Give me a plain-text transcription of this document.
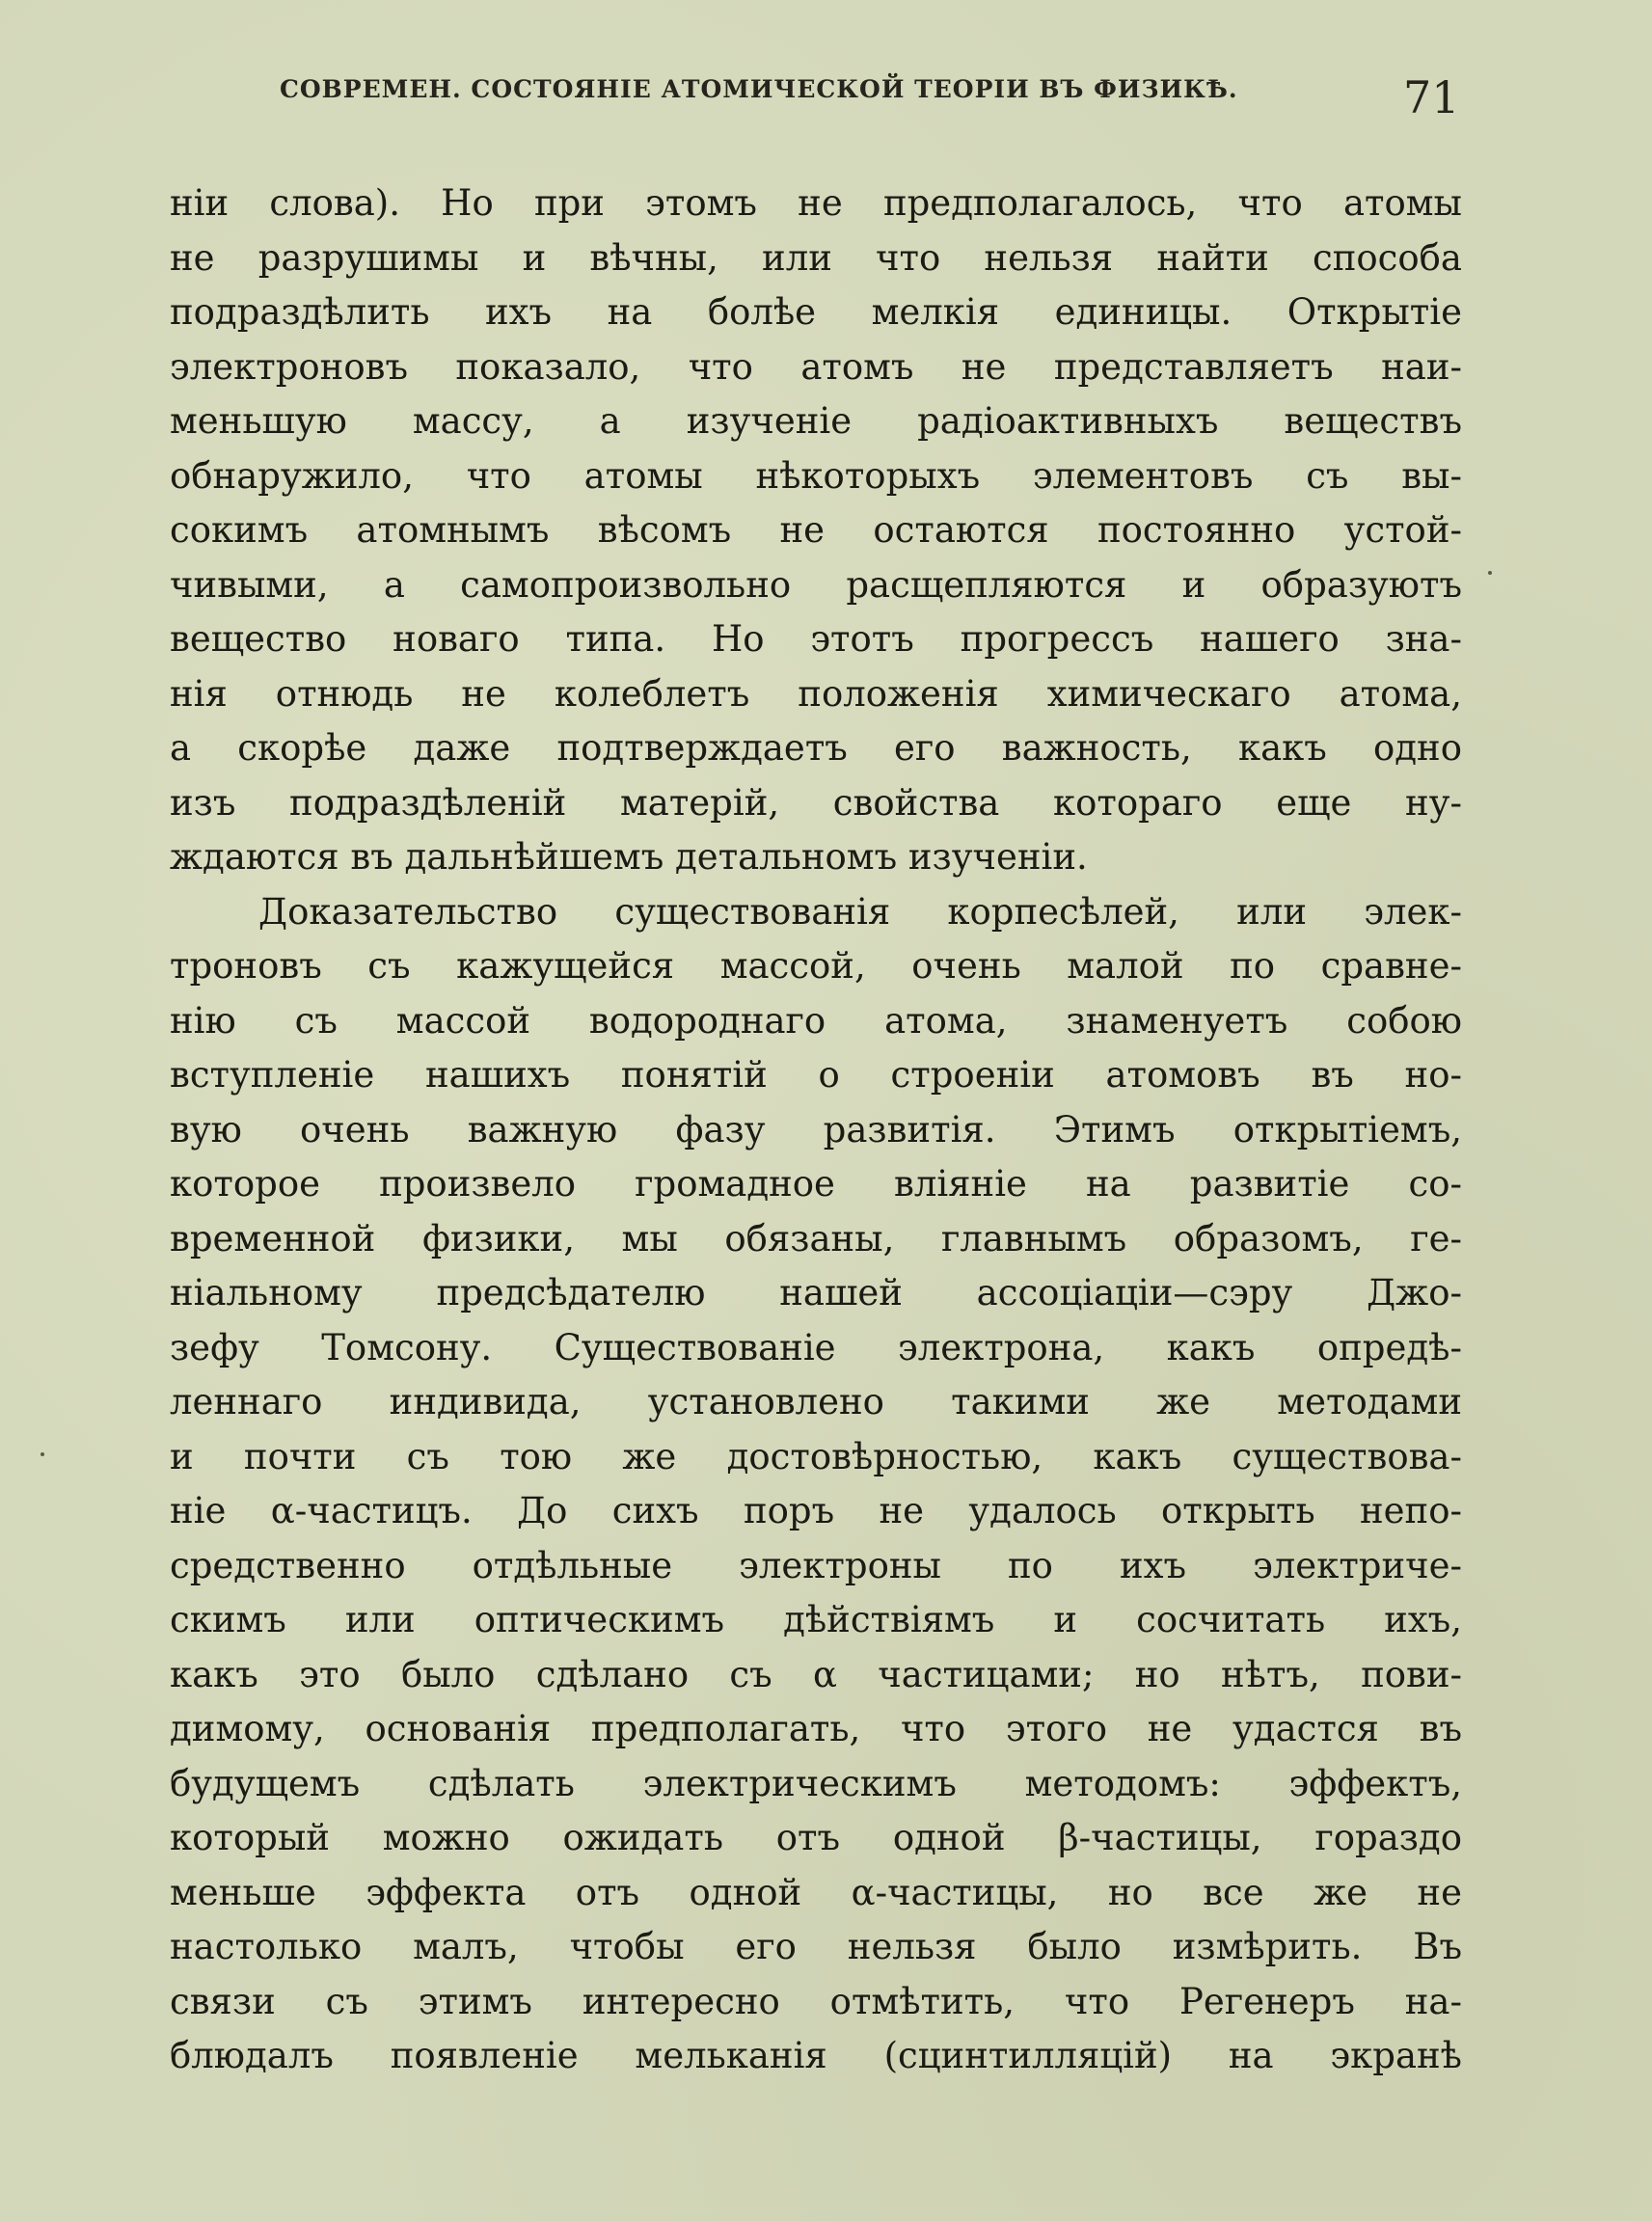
СОВРЕМЕН. СОСТОЯНІЕ АТОМИЧЕСКОЙ ТЕОРІИ ВЪ ФИЗИКѢ.	71
ніи слова). Но при этомъ не предполагалось, что атомы
не разрушимы и вѣчны, или что нельзя найти способа
подраздѣлить ихъ на болѣе мелкія единицы. Открытіе
электроновъ показало, что атомъ не представляетъ наи-
меньшую массу, а изученіе радіоактивныхъ веществъ
обнаружило, что атомы нѣкоторыхъ элементовъ съ вы-
сокимъ атомнымъ вѣсомъ не остаются постоянно устой-
чивыми, а самопроизвольно расщепляются и образуютъ
вещество новаго типа. Но этотъ прогрессъ нашего зна-
нія отнюдь не колеблетъ положенія химическаго атома,
а скорѣе даже подтверждаетъ его важность, какъ одно
изъ подраздѣленій матерій, свойства котораго еще ну-
ждаются въ дальнѣйшемъ детальномъ изученіи.
Доказательство существованія корпесѣлей, или элек-
троновъ съ кажущейся массой, очень малой по сравне-
нію съ массой водороднаго атома, знаменуетъ собою
вступленіе нашихъ понятій о строеніи атомовъ въ но-
вую очень важную фазу развитія. Этимъ открытіемъ,
которое произвело громадное вліяніе на развитіе со-
временной физики, мы обязаны, главнымъ образомъ, ге-
ніальному предсѣдателю нашей ассоціаціи—сэру Джо-
зефу Томсону. Существованіе электрона, какъ опредѣ-
леннаго индивида, установлено такими же методами
и почти съ тою же достовѣрностью, какъ существова-
ніе α-частицъ. До сихъ поръ не удалось открыть непо-
средственно отдѣльные электроны по ихъ электриче-
скимъ или оптическимъ дѣйствіямъ и сосчитать ихъ,
какъ это было сдѣлано съ α частицами; но нѣтъ, пови-
димому, основанія предполагать, что этого не удастся въ
будущемъ сдѣлать электрическимъ методомъ: эффектъ,
который можно ожидать отъ одной β-частицы, гораздо
меньше эффекта отъ одной α-частицы, но все же не
настолько малъ, чтобы его нельзя было измѣрить. Въ
связи съ этимъ интересно отмѣтить, что Регенеръ на-
блюдалъ появленіе мельканія (сцинтилляцій) на экранѣ
